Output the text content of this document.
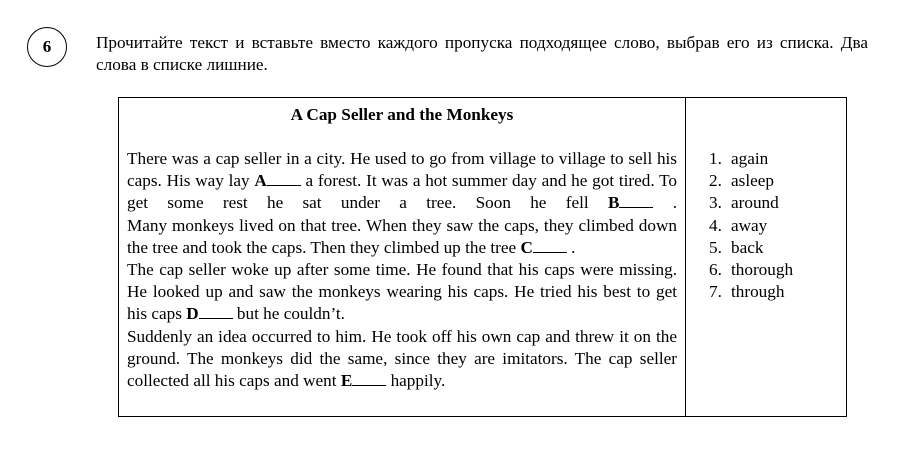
6	Прочитайте текст и вставьте вместо каждого пропуска подходящее слово, выбрав его из списка. Два слова в списке лишние.
A Cap Seller and the Monkeys

There was a cap seller in a city. He used to go from village to village to sell his caps. His way lay A a forest. It was a hot summer day and he got tired. To get some rest he sat under a tree. Soon he fell B .

Many monkeys lived on that tree. When they saw the caps, they climbed down the tree and took the caps. Then they climbed up the tree C .

The cap seller woke up after some time. He found that his caps were missing. He looked up and saw the monkeys wearing his caps. He tried his best to get his caps D but he couldn’t.

Suddenly an idea occurred to him. He took off his own cap and threw it on the ground. The monkeys did the same, since they are imitators. The cap seller collected all his caps and went E happily.

1. again
2. asleep
3. around
4. away
5. back
6. thorough
7. through
